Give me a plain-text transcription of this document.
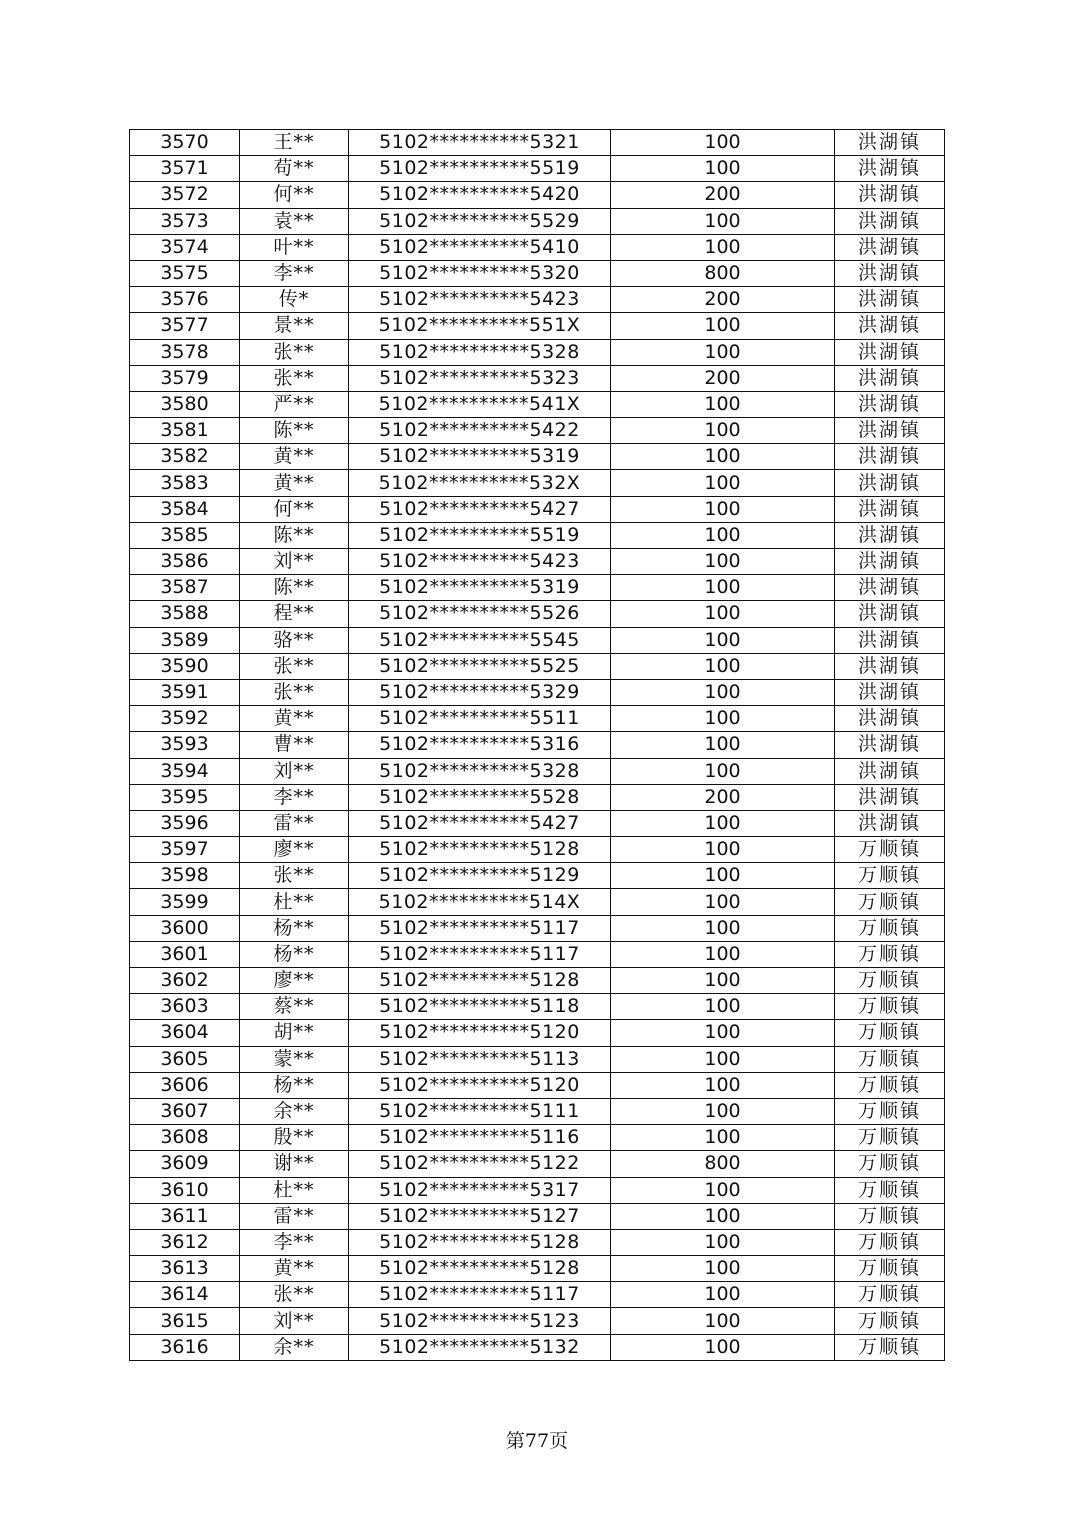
3570	王**	5102**********5321	100	洪湖镇
3571	苟**	5102**********5519	100	洪湖镇
3572	何**	5102**********5420	200	洪湖镇
3573	袁**	5102**********5529	100	洪湖镇
3574	叶**	5102**********5410	100	洪湖镇
3575	李**	5102**********5320	800	洪湖镇
3576	传*	5102**********5423	200	洪湖镇
3577	景**	5102**********551X	100	洪湖镇
3578	张**	5102**********5328	100	洪湖镇
3579	张**	5102**********5323	200	洪湖镇
3580	严**	5102**********541X	100	洪湖镇
3581	陈**	5102**********5422	100	洪湖镇
3582	黄**	5102**********5319	100	洪湖镇
3583	黄**	5102**********532X	100	洪湖镇
3584	何**	5102**********5427	100	洪湖镇
3585	陈**	5102**********5519	100	洪湖镇
3586	刘**	5102**********5423	100	洪湖镇
3587	陈**	5102**********5319	100	洪湖镇
3588	程**	5102**********5526	100	洪湖镇
3589	骆**	5102**********5545	100	洪湖镇
3590	张**	5102**********5525	100	洪湖镇
3591	张**	5102**********5329	100	洪湖镇
3592	黄**	5102**********5511	100	洪湖镇
3593	曹**	5102**********5316	100	洪湖镇
3594	刘**	5102**********5328	100	洪湖镇
3595	李**	5102**********5528	200	洪湖镇
3596	雷**	5102**********5427	100	洪湖镇
3597	廖**	5102**********5128	100	万顺镇
3598	张**	5102**********5129	100	万顺镇
3599	杜**	5102**********514X	100	万顺镇
3600	杨**	5102**********5117	100	万顺镇
3601	杨**	5102**********5117	100	万顺镇
3602	廖**	5102**********5128	100	万顺镇
3603	蔡**	5102**********5118	100	万顺镇
3604	胡**	5102**********5120	100	万顺镇
3605	蒙**	5102**********5113	100	万顺镇
3606	杨**	5102**********5120	100	万顺镇
3607	余**	5102**********5111	100	万顺镇
3608	殷**	5102**********5116	100	万顺镇
3609	谢**	5102**********5122	800	万顺镇
3610	杜**	5102**********5317	100	万顺镇
3611	雷**	5102**********5127	100	万顺镇
3612	李**	5102**********5128	100	万顺镇
3613	黄**	5102**********5128	100	万顺镇
3614	张**	5102**********5117	100	万顺镇
3615	刘**	5102**********5123	100	万顺镇
3616	余**	5102**********5132	100	万顺镇
第77页
